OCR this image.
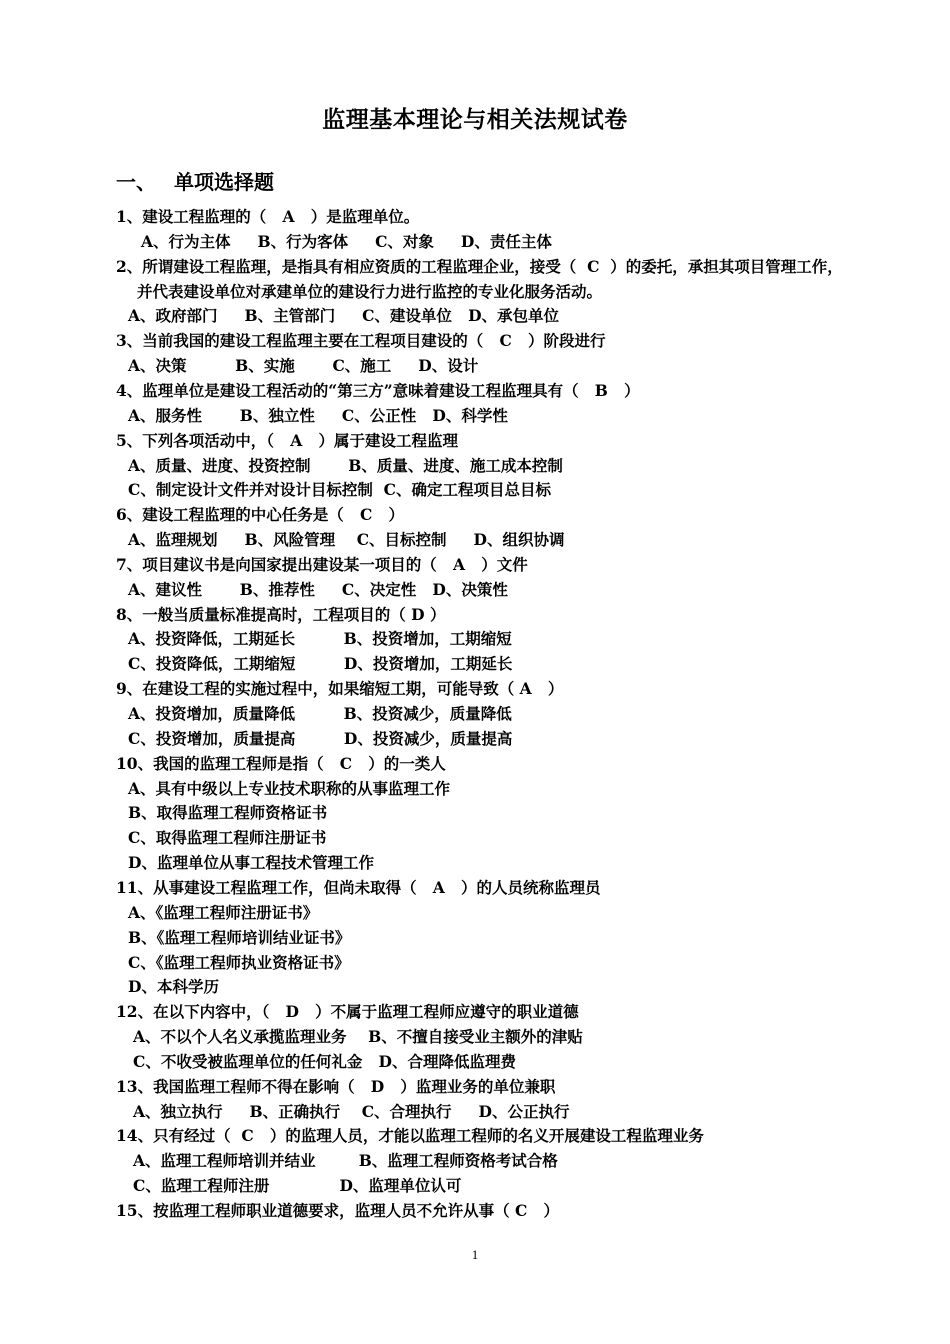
监理基本理论与相关法规试卷
一、 单项选择题
1、建设工程监理的（   A   ）是监理单位。
A、行为主体     B、行为客体     C、对象     D、责任主体
2、所谓建设工程监理，是指具有相应资质的工程监理企业，接受（  C  ）的委托，承担其项目管理工作，
并代表建设单位对承建单位的建设行力进行监控的专业化服务活动。
A、政府部门     B、主管部门     C、建设单位   D、承包单位
3、当前我国的建设工程监理主要在工程项目建设的（   C   ）阶段进行
A、决策         B、实施       C、施工     D、设计
4、监理单位是建设工程活动的“第三方”意味着建设工程监理具有（   B   ）
A、服务性       B、独立性     C、公正性   D、科学性
5、下列各项活动中，（   A   ）属于建设工程监理
A、质量、进度、投资控制       B、质量、进度、施工成本控制
C、制定设计文件并对设计目标控制  C、确定工程项目总目标
6、建设工程监理的中心任务是（   C   ）
A、监理规划     B、风险管理    C、目标控制     D、组织协调
7、项目建议书是向国家提出建设某一项目的（   A   ）文件
A、建议性       B、推荐性     C、决定性   D、决策性
8、一般当质量标准提高时，工程项目的（ D ）
A、投资降低，工期延长         B、投资增加，工期缩短
C、投资降低，工期缩短         D、投资增加，工期延长
9、在建设工程的实施过程中，如果缩短工期，可能导致（ A   ）
A、投资增加，质量降低         B、投资减少，质量降低
C、投资增加，质量提高         D、投资减少，质量提高
10、我国的监理工程师是指（   C   ）的一类人
A、具有中级以上专业技术职称的从事监理工作
B、取得监理工程师资格证书
C、取得监理工程师注册证书
D、监理单位从事工程技术管理工作
11、从事建设工程监理工作，但尚未取得（   A   ）的人员统称监理员
A、《监理工程师注册证书》
B、《监理工程师培训结业证书》
C、《监理工程师执业资格证书》
D、本科学历
12、在以下内容中，（   D   ）不属于监理工程师应遵守的职业道德
A、不以个人名义承揽监理业务    B、不擅自接受业主额外的津贴
C、不收受被监理单位的任何礼金   D、合理降低监理费
13、我国监理工程师不得在影响（   D   ）监理业务的单位兼职
A、独立执行     B、正确执行    C、合理执行     D、公正执行
14、只有经过（  C   ）的监理人员，才能以监理工程师的名义开展建设工程监理业务
A、监理工程师培训并结业        B、监理工程师资格考试合格
C、监理工程师注册             D、监理单位认可
15、按监理工程师职业道德要求，监理人员不允许从事（ C   ）
1
